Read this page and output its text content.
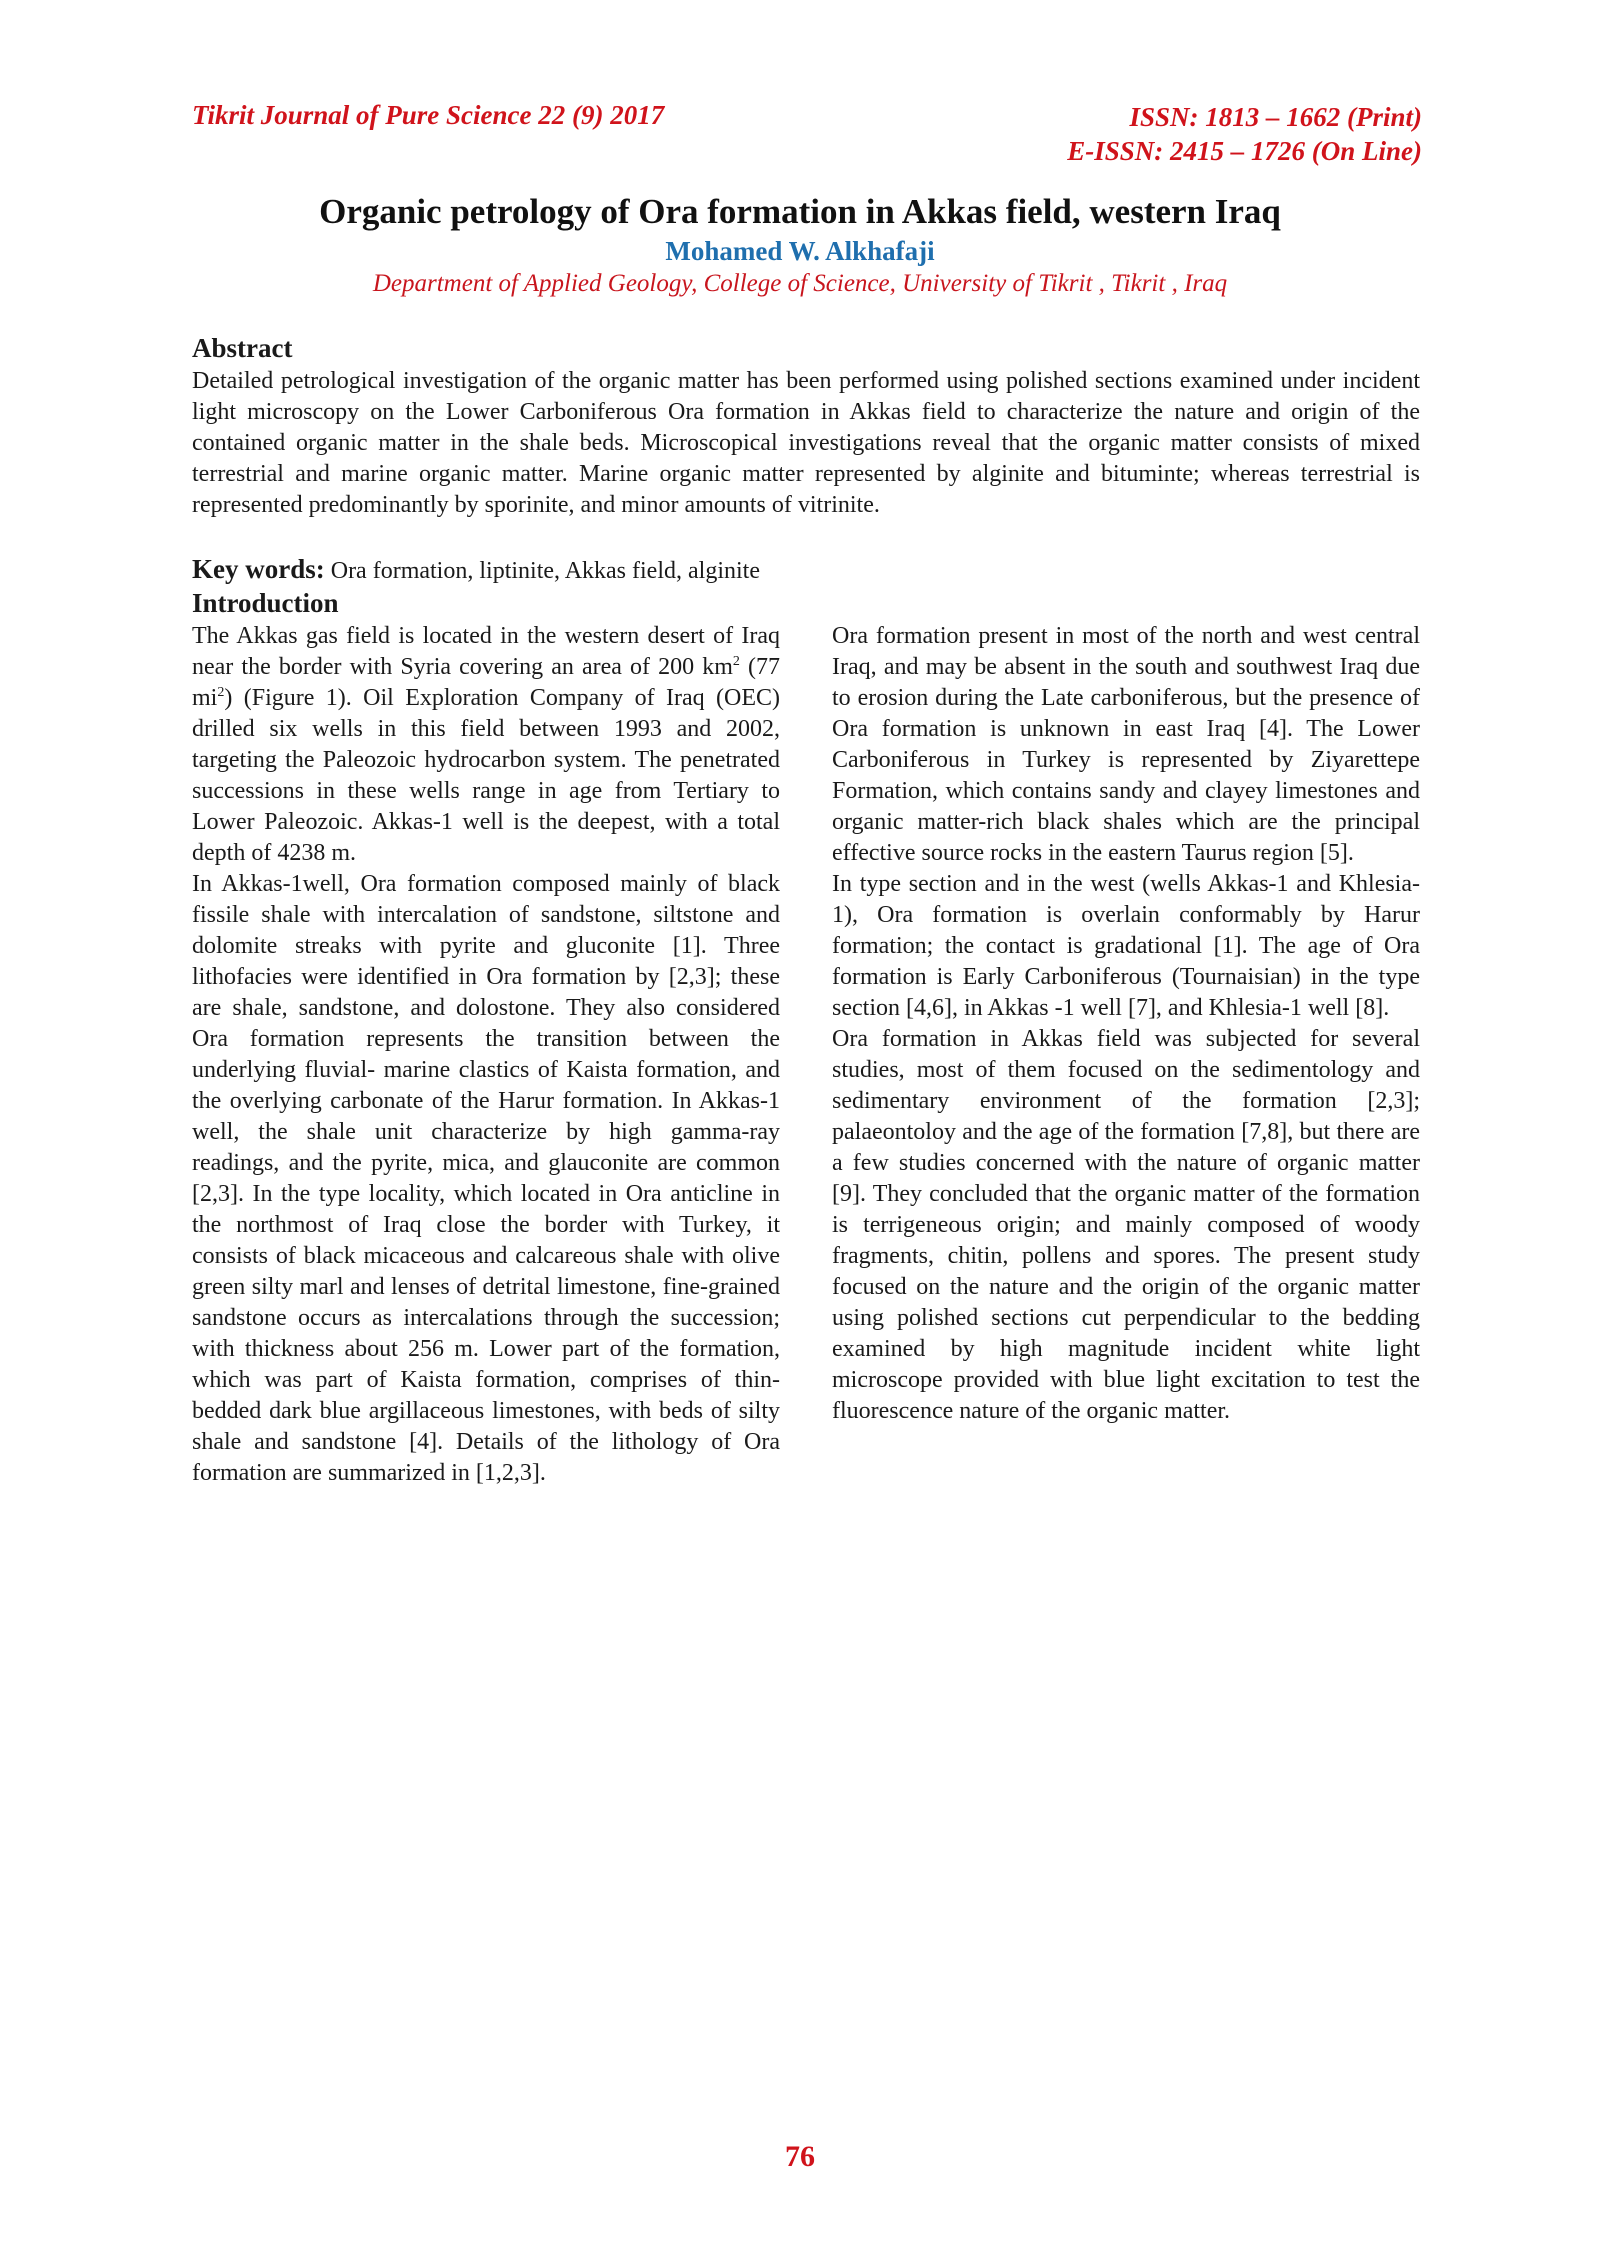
Tikrit Journal of Pure Science 22 (9) 2017	ISSN: 1813 – 1662 (Print)
E-ISSN: 2415 – 1726 (On Line)
Organic petrology of Ora formation in Akkas field, western Iraq
Mohamed W. Alkhafaji
Department of Applied Geology, College of Science, University of Tikrit , Tikrit , Iraq
Abstract
Detailed petrological investigation of the organic matter has been performed using polished sections examined under incident light microscopy on the Lower Carboniferous Ora formation in Akkas field to characterize the nature and origin of the contained organic matter in the shale beds. Microscopical investigations reveal that the organic matter consists of mixed terrestrial and marine organic matter. Marine organic matter represented by alginite and bituminte; whereas terrestrial is represented predominantly by sporinite, and minor amounts of vitrinite.
Key words: Ora formation, liptinite, Akkas field, alginite
Introduction

The Akkas gas field is located in the western desert of Iraq near the border with Syria covering an area of 200 $km^2$ (77 $mi^2$) (Figure 1). Oil Exploration Company of Iraq (OEC) drilled six wells in this field between 1993 and 2002, targeting the Paleozoic hydrocarbon system. The penetrated successions in these wells range in age from Tertiary to Lower Paleozoic. Akkas-1 well is the deepest, with a total depth of 4238 m.

In Akkas-1well, Ora formation composed mainly of black fissile shale with intercalation of sandstone, siltstone and dolomite streaks with pyrite and gluconite [1]. Three lithofacies were identified in Ora formation by [2,3]; these are shale, sandstone, and dolostone. They also considered Ora formation represents the transition between the underlying fluvial- marine clastics of Kaista formation, and the overlying carbonate of the Harur formation. In Akkas-1 well, the shale unit characterize by high gamma-ray readings, and the pyrite, mica, and glauconite are common [2,3]. In the type locality, which located in Ora anticline in the northmost of Iraq close the border with Turkey, it consists of black micaceous and calcareous shale with olive green silty marl and lenses of detrital limestone, fine-grained sandstone occurs as intercalations through the succession; with thickness about 256 m. Lower part of the formation, which was part of Kaista formation, comprises of thin-bedded dark blue argillaceous limestones, with beds of silty shale and sandstone [4]. Details of the lithology of Ora formation are summarized in [1,2,3].

Ora formation present in most of the north and west central Iraq, and may be absent in the south and southwest Iraq due to erosion during the Late carboniferous, but the presence of Ora formation is unknown in east Iraq [4]. The Lower Carboniferous in Turkey is represented by Ziyarettepe Formation, which contains sandy and clayey limestones and organic matter-rich black shales which are the principal effective source rocks in the eastern Taurus region [5].

In type section and in the west (wells Akkas-1 and Khlesia-1), Ora formation is overlain conformably by Harur formation; the contact is gradational [1]. The age of Ora formation is Early Carboniferous (Tournaisian) in the type section [4,6], in Akkas -1 well [7], and Khlesia-1 well [8].

Ora formation in Akkas field was subjected for several studies, most of them focused on the sedimentology and sedimentary environment of the formation [2,3]; palaeontoloy and the age of the formation [7,8], but there are a few studies concerned with the nature of organic matter [9]. They concluded that the organic matter of the formation is terrigeneous origin; and mainly composed of woody fragments, chitin, pollens and spores. The present study focused on the nature and the origin of the organic matter using polished sections cut perpendicular to the bedding examined by high magnitude incident white light microscope provided with blue light excitation to test the fluorescence nature of the organic matter.

76
